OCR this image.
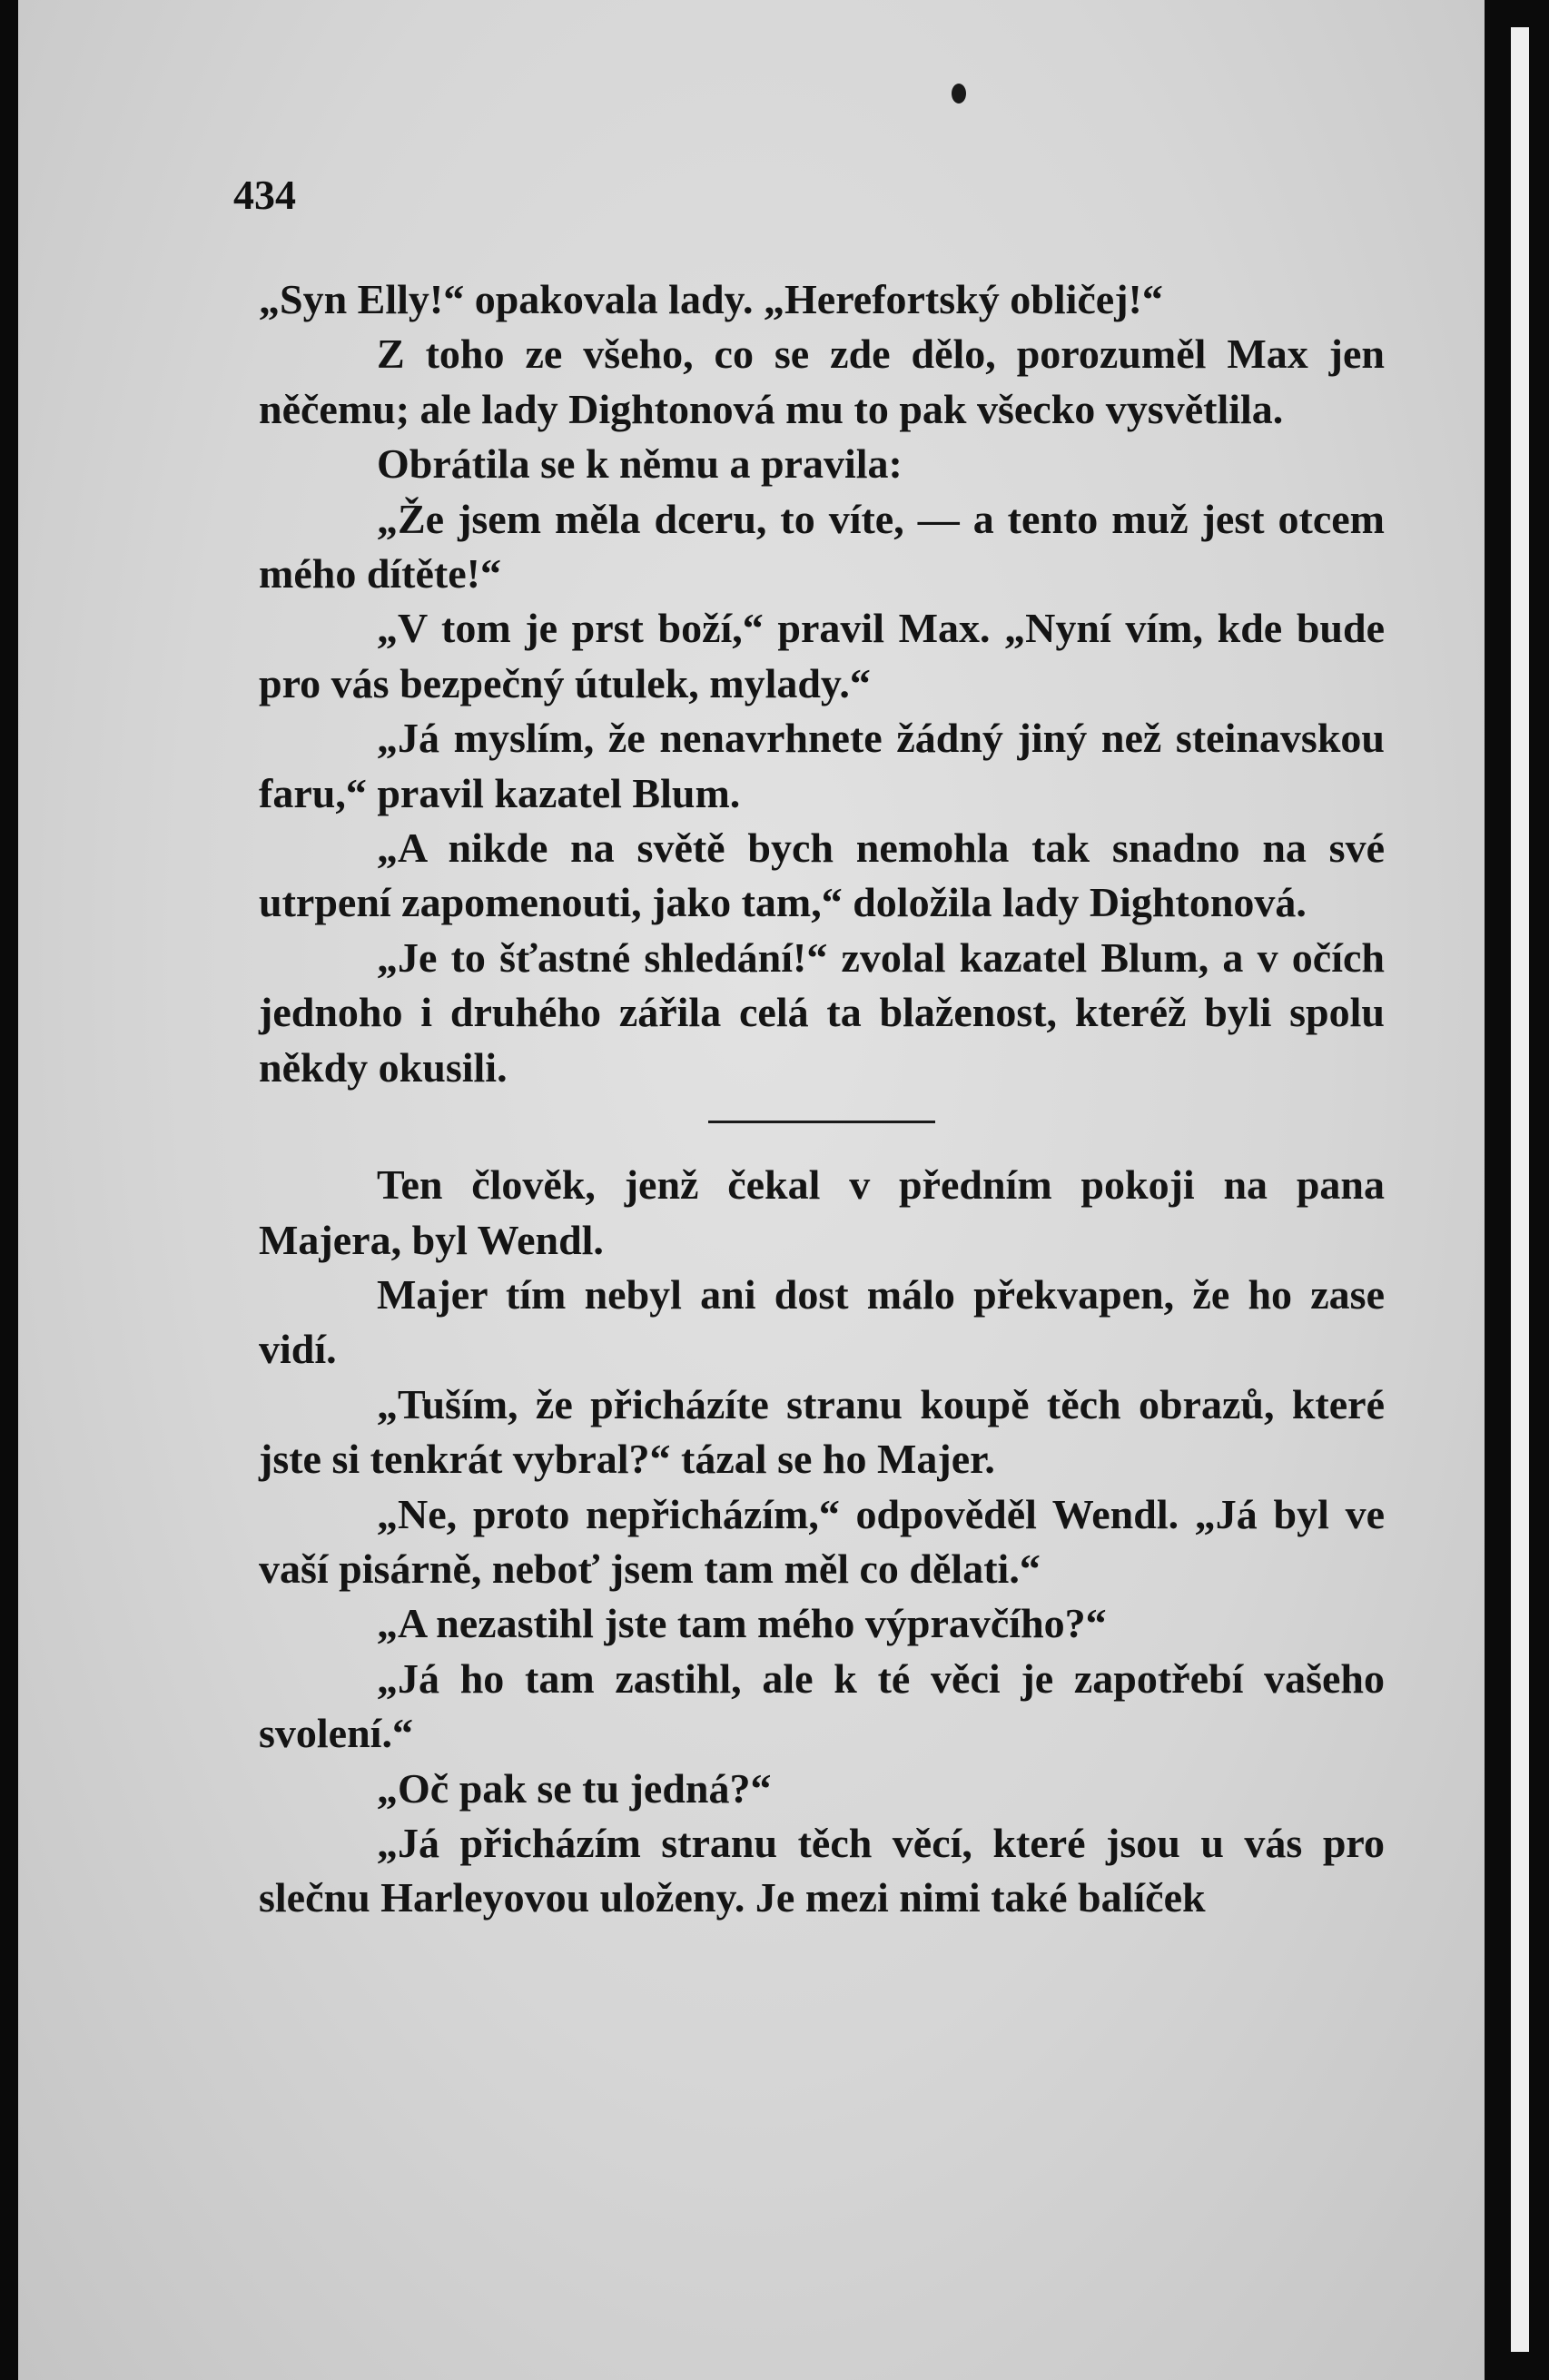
434

„Syn Elly!“ opakovala lady. „Herefortský obličej!“

Z toho ze všeho, co se zde dělo, porozuměl Max jen něčemu; ale lady Dightonová mu to pak všecko vysvětlila.

Obrátila se k němu a pravila:

„Že jsem měla dceru, to víte, — a tento muž jest otcem mého dítěte!“

„V tom je prst boží,“ pravil Max. „Nyní vím, kde bude pro vás bezpečný útulek, mylady.“

„Já myslím, že nenavrhnete žádný jiný než steinavskou faru,“ pravil kazatel Blum.

„A nikde na světě bych nemohla tak snadno na své utrpení zapomenouti, jako tam,“ doložila lady Dightonová.

„Je to šťastné shledání!“ zvolal kazatel Blum, a v očích jednoho i druhého zářila celá ta blaženost, kteréž byli spolu někdy okusili.

Ten člověk, jenž čekal v předním pokoji na pana Majera, byl Wendl.

Majer tím nebyl ani dost málo překvapen, že ho zase vidí.

„Tuším, že přicházíte stranu koupě těch obrazů, které jste si tenkrát vybral?“ tázal se ho Majer.

„Ne, proto nepřicházím,“ odpověděl Wendl. „Já byl ve vaší pisárně, neboť jsem tam měl co dělati.“

„A nezastihl jste tam mého výpravčího?“

„Já ho tam zastihl, ale k té věci je zapotřebí vašeho svolení.“

„Oč pak se tu jedná?“

„Já přicházím stranu těch věcí, které jsou u vás pro slečnu Harleyovou uloženy. Je mezi nimi také balíček
